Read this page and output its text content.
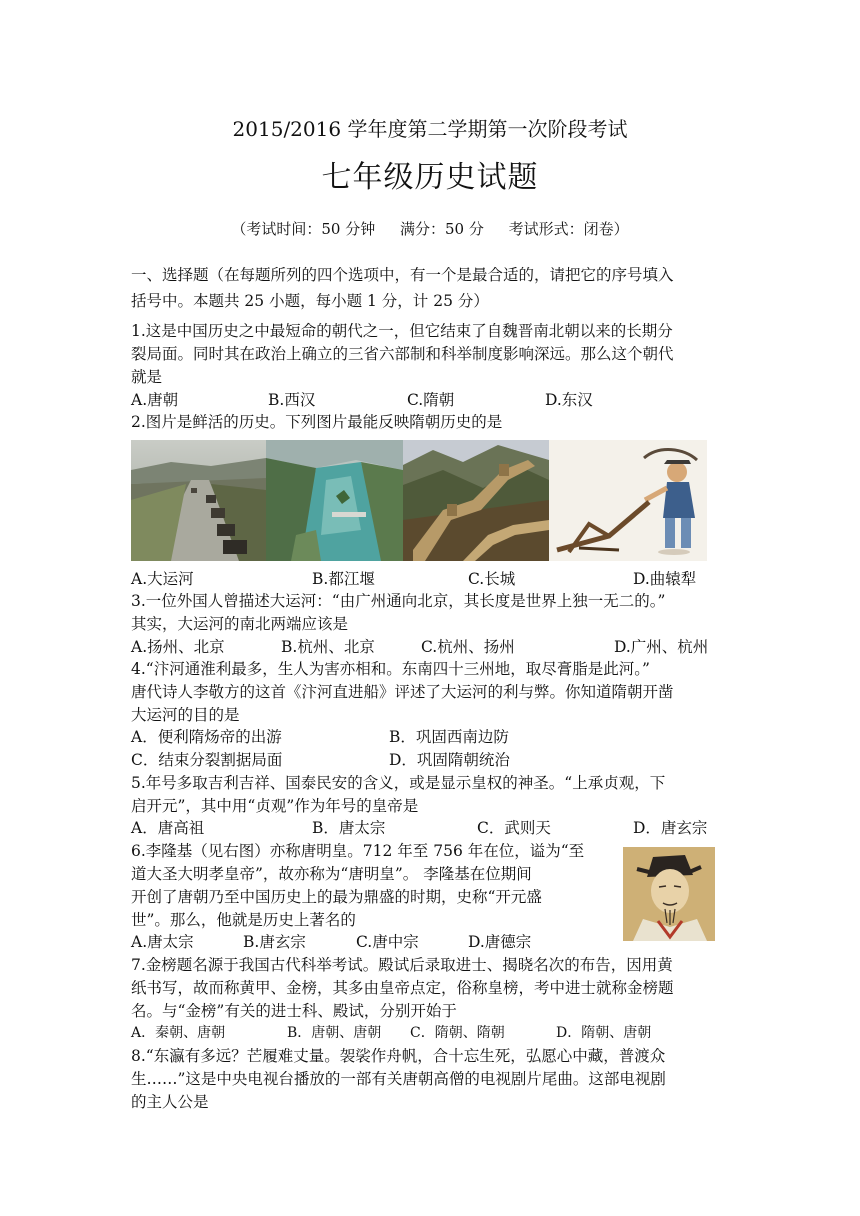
2015/2016 学年度第二学期第一次阶段考试
七年级历史试题
（考试时间：50 分钟 满分：50 分 考试形式：闭卷）
一、选择题（在每题所列的四个选项中，有一个是最合适的，请把它的序号填入
括号中。本题共 25 小题，每小题 1 分，计 25 分）
1.这是中国历史之中最短命的朝代之一，但它结束了自魏晋南北朝以来的长期分
裂局面。同时其在政治上确立的三省六部制和科举制度影响深远。那么这个朝代
就是
A.唐朝	B.西汉	C.隋朝	D.东汉
2.图片是鲜活的历史。下列图片最能反映隋朝历史的是
A.大运河	B.都江堰	C.长城	D.曲辕犁
3.一位外国人曾描述大运河：“由广州通向北京，其长度是世界上独一无二的。”
其实，大运河的南北两端应该是
A.扬州、北京	B.杭州、北京	C.杭州、扬州	D.广州、杭州
4.“汴河通淮利最多，生人为害亦相和。东南四十三州地，取尽膏脂是此河。”
唐代诗人李敬方的这首《汴河直进船》评述了大运河的利与弊。你知道隋朝开凿
大运河的目的是
A．便利隋炀帝的出游	B．巩固西南边防
C．结束分裂割据局面	D．巩固隋朝统治
5.年号多取吉利吉祥、国泰民安的含义，或是显示皇权的神圣。“上承贞观，下
启开元”，其中用“贞观”作为年号的皇帝是
A．唐高祖	B．唐太宗	C．武则天	D．唐玄宗
6.李隆基（见右图）亦称唐明皇。712 年至 756 年在位，谥为“至
道大圣大明孝皇帝”，故亦称为“唐明皇”。 李隆基在位期间
开创了唐朝乃至中国历史上的最为鼎盛的时期，史称“开元盛
世”。那么，他就是历史上著名的
A.唐太宗	B.唐玄宗	C.唐中宗	D.唐德宗
7.金榜题名源于我国古代科举考试。殿试后录取进士、揭晓名次的布告，因用黄
纸书写，故而称黄甲、金榜，其多由皇帝点定，俗称皇榜，考中进士就称金榜题
名。与“金榜”有关的进士科、殿试，分别开始于
A．秦朝、唐朝	B．唐朝、唐朝 C．隋朝、隋朝	D．隋朝、唐朝
8.“东瀛有多远？芒履难丈量。袈裟作舟帆，合十忘生死，弘愿心中藏，普渡众
生……”这是中央电视台播放的一部有关唐朝高僧的电视剧片尾曲。这部电视剧
的主人公是
